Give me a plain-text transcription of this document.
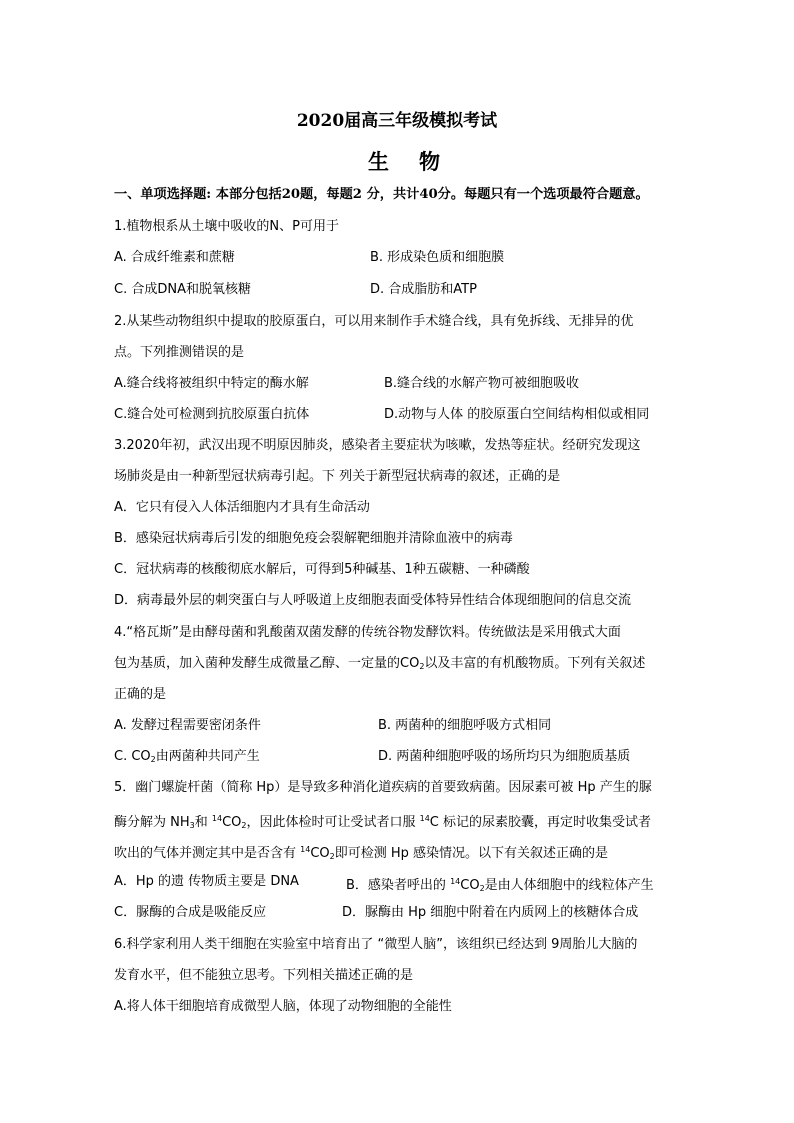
2020届高三年级模拟考试
生物
一、单项选择题: 本部分包括20题，每题2 分，共计40分。每题只有一个选项最符合题意。
1.植物根系从土壤中吸收的N、P可用于
A. 合成纤维素和蔗糖	B. 形成染色质和细胞膜
C. 合成DNA和脱氧核糖	D. 合成脂肪和ATP
2.从某些动物组织中提取的胶原蛋白，可以用来制作手术缝合线，具有免拆线、无排异的优
点。下列推测错误的是
A.缝合线将被组织中特定的酶水解	B.缝合线的水解产物可被细胞吸收
C.缝合处可检测到抗胶原蛋白抗体	D.动物与人体 的胶原蛋白空间结构相似或相同
3.2020年初，武汉出现不明原因肺炎，感染者主要症状为咳嗽，发热等症状。经研究发现这
场肺炎是由一种新型冠状病毒引起。下 列关于新型冠状病毒的叙述，正确的是
A．它只有侵入人体活细胞内才具有生命活动
B．感染冠状病毒后引发的细胞免疫会裂解靶细胞并清除血液中的病毒
C．冠状病毒的核酸彻底水解后，可得到5种碱基、1种五碳糖、一种磷酸
D．病毒最外层的刺突蛋白与人呼吸道上皮细胞表面受体特异性结合体现细胞间的信息交流
4.“格瓦斯”是由酵母菌和乳酸菌双菌发酵的传统谷物发酵饮料。传统做法是采用俄式大面
包为基质，加入菌种发酵生成微量乙醇、一定量的$CO_2$以及丰富的有机酸物质。下列有关叙述
正确的是
A. 发酵过程需要密闭条件	B. 两菌种的细胞呼吸方式相同
C. $CO_2$由两菌种共同产生	D. 两菌种细胞呼吸的场所均只为细胞质基质
5．幽门螺旋杆菌（简称 Hp）是导致多种消化道疾病的首要致病菌。因尿素可被 Hp 产生的脲
酶分解为 $NH_3$和 $^{14}CO_2$，因此体检时可让受试者口服 $^{14}$C 标记的尿素胶囊，再定时收集受试者
吹出的气体并测定其中是否含有 $^{14}CO_2$即可检测 Hp 感染情况。以下有关叙述正确的是
A．Hp 的遗 传物质主要是 DNA	B．感染者呼出的 $^{14}CO_2$是由人体细胞中的线粒体产生
C．脲酶的合成是吸能反应	D．脲酶由 Hp 细胞中附着在内质网上的核糖体合成
6.科学家利用人类干细胞在实验室中培育出了 “微型人脑”，该组织已经达到 9周胎儿大脑的
发育水平，但不能独立思考。下列相关描述正确的是
A.将人体干细胞培育成微型人脑，体现了动物细胞的全能性
